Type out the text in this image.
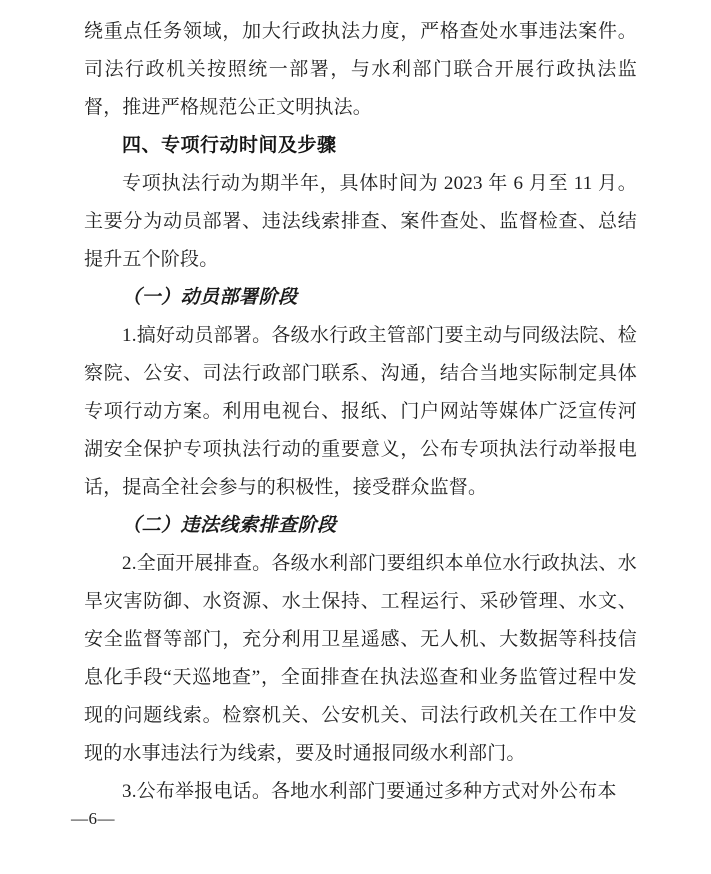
绕重点任务领域，加大行政执法力度，严格查处水事违法案件。司法行政机关按照统一部署，与水利部门联合开展行政执法监督，推进严格规范公正文明执法。

四、专项行动时间及步骤

专项执法行动为期半年，具体时间为 2023 年 6 月至 11 月。主要分为动员部署、违法线索排查、案件查处、监督检查、总结提升五个阶段。

（一）动员部署阶段

1.搞好动员部署。各级水行政主管部门要主动与同级法院、检察院、公安、司法行政部门联系、沟通，结合当地实际制定具体专项行动方案。利用电视台、报纸、门户网站等媒体广泛宣传河湖安全保护专项执法行动的重要意义，公布专项执法行动举报电话，提高全社会参与的积极性，接受群众监督。

（二）违法线索排查阶段

2.全面开展排查。各级水利部门要组织本单位水行政执法、水旱灾害防御、水资源、水土保持、工程运行、采砂管理、水文、安全监督等部门，充分利用卫星遥感、无人机、大数据等科技信息化手段“天巡地查”，全面排查在执法巡查和业务监管过程中发现的问题线索。检察机关、公安机关、司法行政机关在工作中发现的水事违法行为线索，要及时通报同级水利部门。

3.公布举报电话。各地水利部门要通过多种方式对外公布本

—6—
